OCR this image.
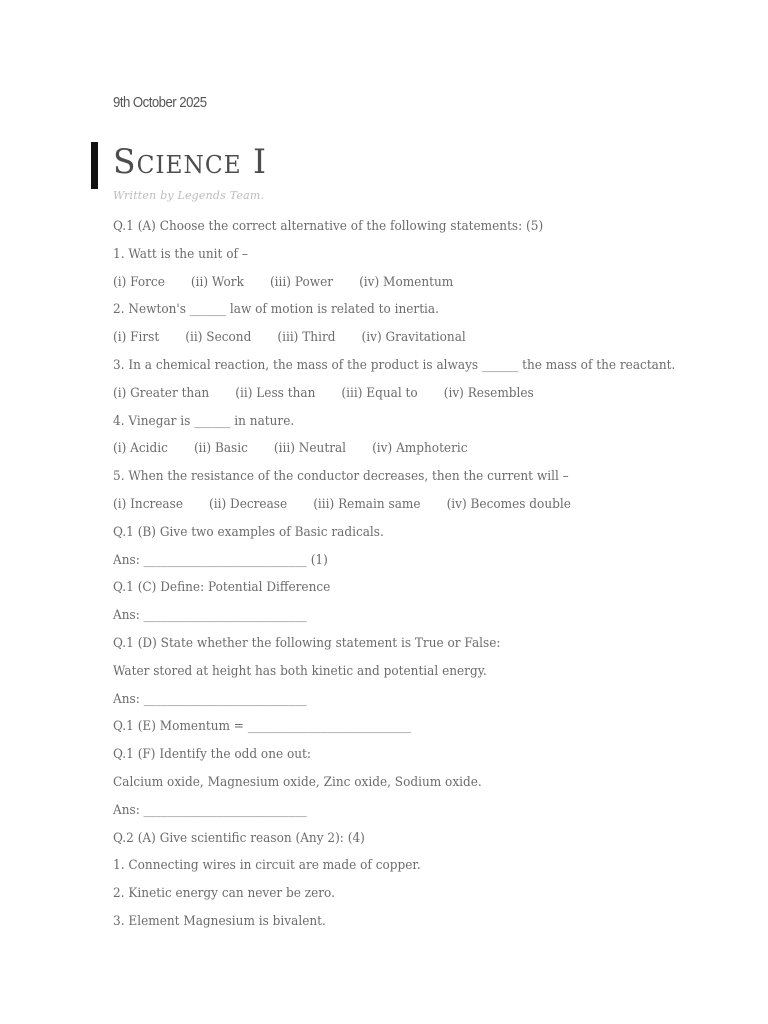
9th October 2025
Science I
Written by Legends Team.
Q.1 (A) Choose the correct alternative of the following statements: (5)
1. Watt is the unit of –
(i) Force (ii) Work (iii) Power (iv) Momentum
2. Newton's ______ law of motion is related to inertia.
(i) First (ii) Second (iii) Third (iv) Gravitational
3. In a chemical reaction, the mass of the product is always ______ the mass of the reactant.
(i) Greater than (ii) Less than (iii) Equal to (iv) Resembles
4. Vinegar is ______ in nature.
(i) Acidic (ii) Basic (iii) Neutral (iv) Amphoteric
5. When the resistance of the conductor decreases, then the current will –
(i) Increase (ii) Decrease (iii) Remain same (iv) Becomes double
Q.1 (B) Give two examples of Basic radicals.
Ans: ___________________________ (1)
Q.1 (C) Define: Potential Difference
Ans: ___________________________
Q.1 (D) State whether the following statement is True or False:
Water stored at height has both kinetic and potential energy.
Ans: ___________________________
Q.1 (E) Momentum = ___________________________
Q.1 (F) Identify the odd one out:
Calcium oxide, Magnesium oxide, Zinc oxide, Sodium oxide.
Ans: ___________________________
Q.2 (A) Give scientific reason (Any 2): (4)
1. Connecting wires in circuit are made of copper.
2. Kinetic energy can never be zero.
3. Element Magnesium is bivalent.
